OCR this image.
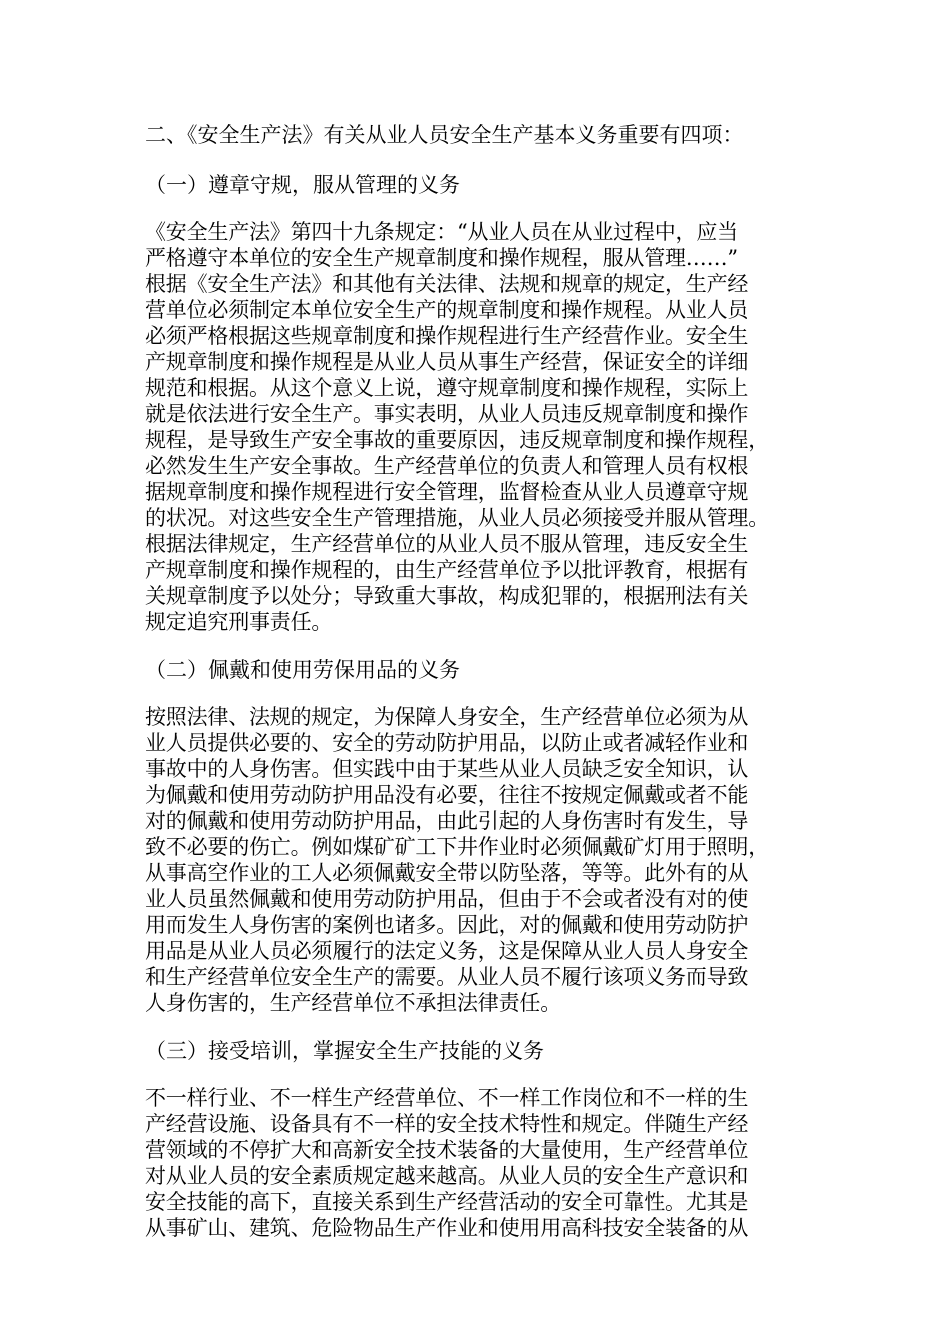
二、《安全生产法》有关从业人员安全生产基本义务重要有四项：
（一）遵章守规，服从管理的义务
《安全生产法》第四十九条规定：“从业人员在从业过程中，应当
严格遵守本单位的安全生产规章制度和操作规程，服从管理……”
根据《安全生产法》和其他有关法律、法规和规章的规定，生产经
营单位必须制定本单位安全生产的规章制度和操作规程。从业人员
必须严格根据这些规章制度和操作规程进行生产经营作业。安全生
产规章制度和操作规程是从业人员从事生产经营，保证安全的详细
规范和根据。从这个意义上说，遵守规章制度和操作规程，实际上
就是依法进行安全生产。事实表明，从业人员违反规章制度和操作
规程，是导致生产安全事故的重要原因，违反规章制度和操作规程，
必然发生生产安全事故。生产经营单位的负责人和管理人员有权根
据规章制度和操作规程进行安全管理，监督检查从业人员遵章守规
的状况。对这些安全生产管理措施，从业人员必须接受并服从管理。
根据法律规定，生产经营单位的从业人员不服从管理，违反安全生
产规章制度和操作规程的，由生产经营单位予以批评教育，根据有
关规章制度予以处分；导致重大事故，构成犯罪的，根据刑法有关
规定追究刑事责任。
（二）佩戴和使用劳保用品的义务
按照法律、法规的规定，为保障人身安全，生产经营单位必须为从
业人员提供必要的、安全的劳动防护用品，以防止或者减轻作业和
事故中的人身伤害。但实践中由于某些从业人员缺乏安全知识，认
为佩戴和使用劳动防护用品没有必要，往往不按规定佩戴或者不能
对的佩戴和使用劳动防护用品，由此引起的人身伤害时有发生，导
致不必要的伤亡。例如煤矿矿工下井作业时必须佩戴矿灯用于照明，
从事高空作业的工人必须佩戴安全带以防坠落，等等。此外有的从
业人员虽然佩戴和使用劳动防护用品，但由于不会或者没有对的使
用而发生人身伤害的案例也诸多。因此，对的佩戴和使用劳动防护
用品是从业人员必须履行的法定义务，这是保障从业人员人身安全
和生产经营单位安全生产的需要。从业人员不履行该项义务而导致
人身伤害的，生产经营单位不承担法律责任。
（三）接受培训，掌握安全生产技能的义务
不一样行业、不一样生产经营单位、不一样工作岗位和不一样的生
产经营设施、设备具有不一样的安全技术特性和规定。伴随生产经
营领域的不停扩大和高新安全技术装备的大量使用，生产经营单位
对从业人员的安全素质规定越来越高。从业人员的安全生产意识和
安全技能的高下，直接关系到生产经营活动的安全可靠性。尤其是
从事矿山、建筑、危险物品生产作业和使用用高科技安全装备的从
